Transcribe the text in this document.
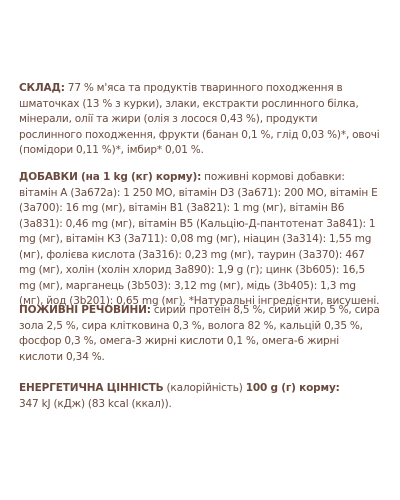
СКЛАД: 77 % м'яса та продуктів тваринного походження в шматочках (13 % з курки), злаки, екстракти рослинного білка, мінерали, олії та жири (олія з лосося 0,43 %), продукти рослинного походження, фрукти (банан 0,1 %, глід 0,03 %)*, овочі (помідори 0,11 %)*, імбир* 0,01 %.
ДОБАВКИ (на 1 kg (кг) корму): поживні кормові добавки: вітамін А (3а672а): 1 250 МО, вітамін D3 (3а671): 200 МО, вітамін Е (3а700): 16 mg (мг), вітамін В1 (3а821): 1 mg (мг), вітамін В6 (3а831): 0,46 mg (мг), вітамін В5 (Кальцію-Д-пантотенат 3а841): 1 mg (мг), вітамін К3 (3а711): 0,08 mg (мг), ніацин (3а314): 1,55 mg (мг), фолієва кислота (3а316): 0,23 mg (мг), таурин (3а370): 467 mg (мг), холін (холін хлорид 3а890): 1,9 g (г); цинк (3b605): 16,5 mg (мг), марганець (3b503): 3,12 mg (мг), мідь (3b405): 1,3 mg (мг), йод (3b201): 0,65 mg (мг). *Натуральні інгредієнти, висушені.
ПОЖИВНІ РЕЧОВИНИ: сирий протеїн 8,5 %, сирий жир 5 %, сира зола 2,5 %, сира клітковина 0,3 %, волога 82 %, кальцій 0,35 %, фосфор 0,3 %, омега-3 жирні кислоти 0,1 %, омега-6 жирні кислоти 0,34 %.
ЕНЕРГЕТИЧНА ЦІННІСТЬ (калорійність) 100 g (г) корму:
347 kJ (кДж) (83 kcal (ккал)).
